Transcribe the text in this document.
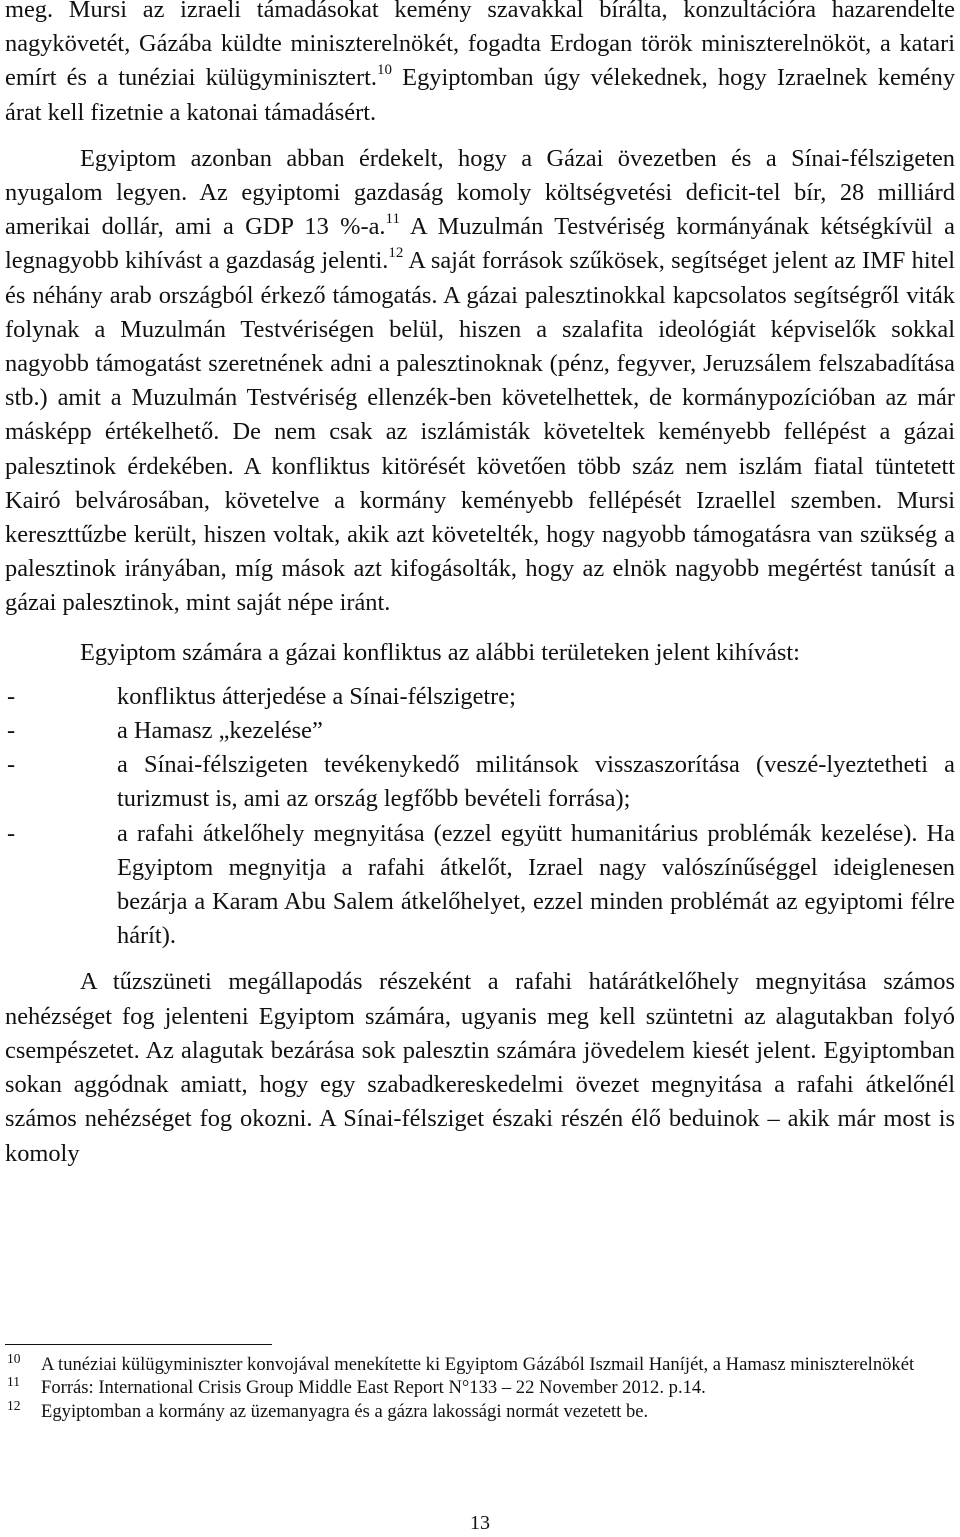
meg. Mursi az izraeli támadásokat kemény szavakkal bírálta, konzultációra hazarendelte nagykövetét, Gázába küldte miniszterelnökét, fogadta Erdogan török miniszterelnököt, a katari emírt és a tunéziai külügyminisztert.$^{10}$ Egyiptomban úgy vélekednek, hogy Izraelnek kemény árat kell fizetnie a katonai támadásért.

Egyiptom azonban abban érdekelt, hogy a Gázai övezetben és a Sínai-félszigeten nyugalom legyen. Az egyiptomi gazdaság komoly költségvetési deficit-tel bír, 28 milliárd amerikai dollár, ami a GDP 13 %-a.$^{11}$ A Muzulmán Testvériség kormányának kétségkívül a legnagyobb kihívást a gazdaság jelenti.$^{12}$ A saját források szűkösek, segítséget jelent az IMF hitel és néhány arab országból érkező támogatás. A gázai palesztinokkal kapcsolatos segítségről viták folynak a Muzulmán Testvériségen belül, hiszen a szalafita ideológiát képviselők sokkal nagyobb támogatást szeretnének adni a palesztinoknak (pénz, fegyver, Jeruzsálem felszabadítása stb.) amit a Muzulmán Testvériség ellenzék-ben követelhettek, de kormánypozícióban az már másképp értékelhető. De nem csak az iszlámisták követeltek keményebb fellépést a gázai palesztinok érdekében. A konfliktus kitörését követően több száz nem iszlám fiatal tüntetett Kairó belvárosában, követelve a kormány keményebb fellépését Izraellel szemben. Mursi kereszttűzbe került, hiszen voltak, akik azt követelték, hogy nagyobb támogatásra van szükség a palesztinok irányában, míg mások azt kifogásolták, hogy az elnök nagyobb megértést tanúsít a gázai palesztinok, mint saját népe iránt.

Egyiptom számára a gázai konfliktus az alábbi területeken jelent kihívást:

-	konfliktus átterjedése a Sínai-félszigetre;
-	a Hamasz „kezelése”
-	a Sínai-félszigeten tevékenykedő militánsok visszaszorítása (veszé-lyeztetheti a turizmust is, ami az ország legfőbb bevételi forrása);
-	a rafahi átkelőhely megnyitása (ezzel együtt humanitárius problémák kezelése). Ha Egyiptom megnyitja a rafahi átkelőt, Izrael nagy valószínűséggel ideiglenesen bezárja a Karam Abu Salem átkelőhelyet, ezzel minden problémát az egyiptomi félre hárít).

A tűzszüneti megállapodás részeként a rafahi határátkelőhely megnyitása számos nehézséget fog jelenteni Egyiptom számára, ugyanis meg kell szüntetni az alagutakban folyó csempészetet. Az alagutak bezárása sok palesztin számára jövedelem kiesét jelent. Egyiptomban sokan aggódnak amiatt, hogy egy szabadkereskedelmi övezet megnyitása a rafahi átkelőnél számos nehézséget fog okozni. A Sínai-félsziget északi részén élő beduinok – akik már most is komoly

10 A tunéziai külügyminiszter konvojával menekítette ki Egyiptom Gázából Iszmail Haníjét, a Hamasz miniszterelnökét
11 Forrás: International Crisis Group Middle East Report N°133 – 22 November 2012. p.14.
12 Egyiptomban a kormány az üzemanyagra és a gázra lakossági normát vezetett be.
13
